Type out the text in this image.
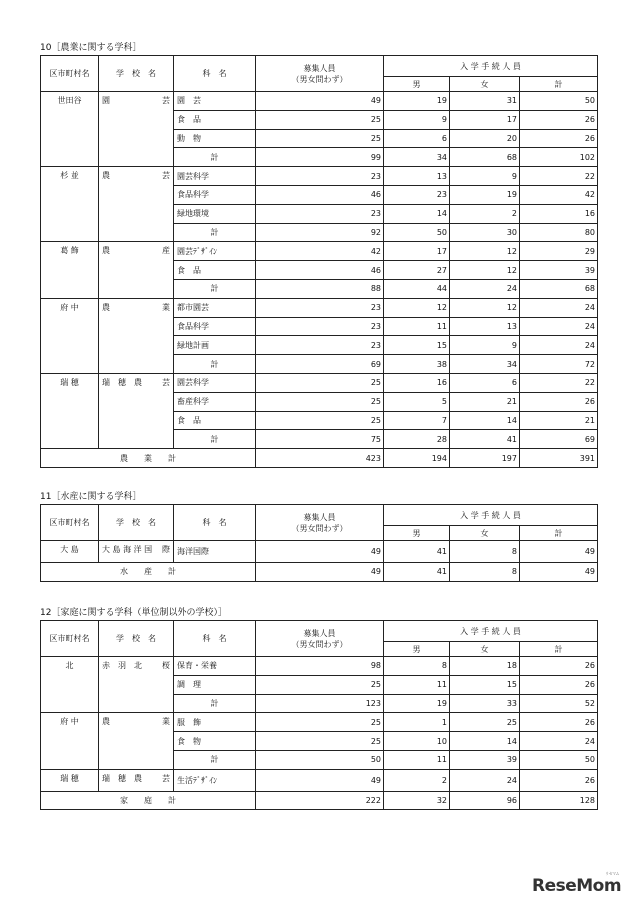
10［農業に関する学科］
区市町村名	学　校　名	科　名	募集人員
（男女問わず）	入 学 手 続 人 員		
				男	女	計
世田谷	園 芸	園　芸	49	19	31	50
		食　品	25	9	17	26
		動　物	25	6	20	26
		計	99	34	68	102
杉 並	農 芸	園芸科学	23	13	9	22
		食品科学	46	23	19	42
		緑地環境	23	14	2	16
		計	92	50	30	80
葛 飾	農 産	園芸ﾃﾞｻﾞｲﾝ	42	17	12	29
		食　品	46	27	12	39
		計	88	44	24	68
府 中	農 業	都市園芸	23	12	12	24
		食品科学	23	11	13	24
		緑地計画	23	15	9	24
		計	69	38	34	72
瑞 穂	瑞　穂　農 芸	園芸科学	25	16	6	22
		畜産科学	25	5	21	26
		食　品	25	7	14	21
		計	75	28	41	69
農　　業　　計			423	194	197	391
11［水産に関する学科］
区市町村名	学　校　名	科　名	募集人員
（男女問わず）	入 学 手 続 人 員		
				男	女	計
大 島	大 島 海 洋 国 際	海洋国際	49	41	8	49
水　　産　　計			49	41	8	49
12［家庭に関する学科（単位制以外の学校）］
区市町村名	学　校　名	科　名	募集人員
（男女問わず）	入 学 手 続 人 員		
				男	女	計
北	赤　羽　北 桜	保育・栄養	98	8	18	26
		調　理	25	11	15	26
		計	123	19	33	52
府 中	農 業	服　飾	25	1	25	26
		食　物	25	10	14	24
		計	50	11	39	50
瑞 穂	瑞　穂　農 芸	生活ﾃﾞｻﾞｲﾝ	49	2	24	26
家　　庭　　計			222	32	96	128
ReseMom
リセマム
